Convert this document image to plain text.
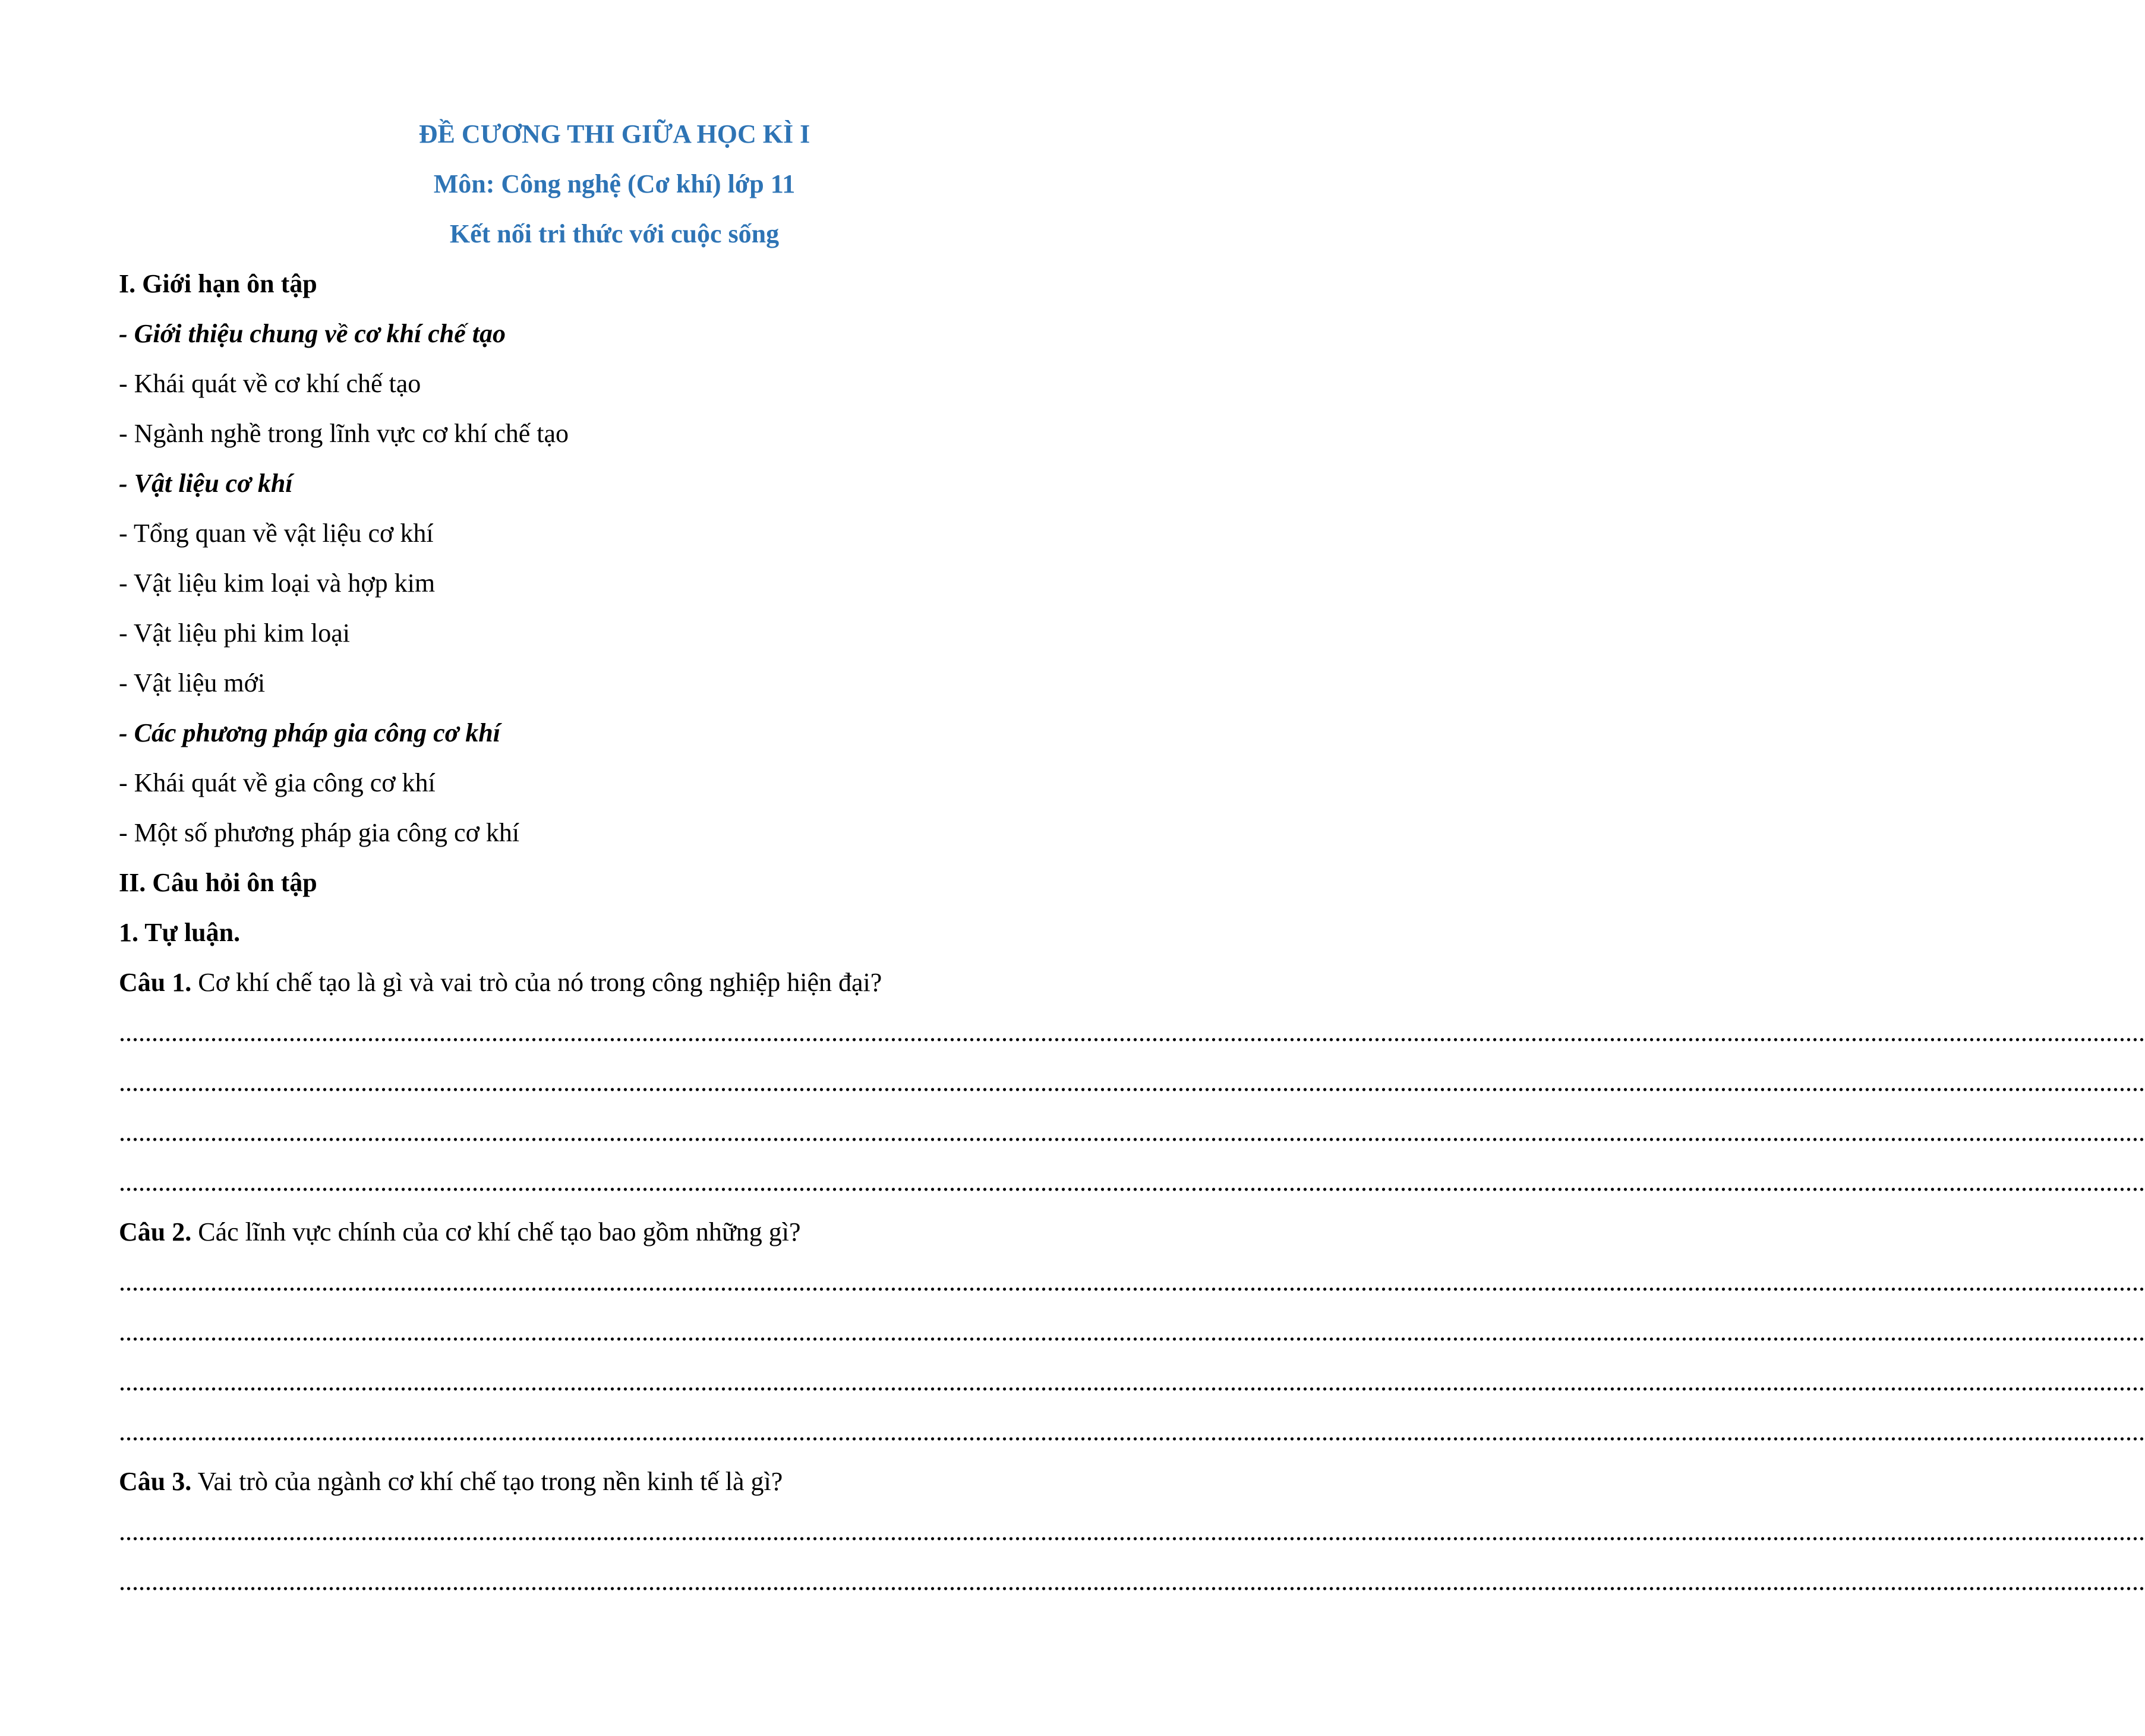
ĐỀ CƯƠNG THI GIỮA HỌC KÌ I
Môn: Công nghệ (Cơ khí) lớp 11
Kết nối tri thức với cuộc sống
I. Giới hạn ôn tập
- Giới thiệu chung về cơ khí chế tạo
- Khái quát về cơ khí chế tạo
- Ngành nghề trong lĩnh vực cơ khí chế tạo
- Vật liệu cơ khí
- Tổng quan về vật liệu cơ khí
- Vật liệu kim loại và hợp kim
- Vật liệu phi kim loại
- Vật liệu mới
- Các phương pháp gia công cơ khí
- Khái quát về gia công cơ khí
- Một số phương pháp gia công cơ khí
II. Câu hỏi ôn tập
1. Tự luận.
Câu 1. Cơ khí chế tạo là gì và vai trò của nó trong công nghiệp hiện đại?
......................................................................................................................................................................................................................................................................................................................
......................................................................................................................................................................................................................................................................................................................
......................................................................................................................................................................................................................................................................................................................
......................................................................................................................................................................................................................................................................................................................
Câu 2. Các lĩnh vực chính của cơ khí chế tạo bao gồm những gì?
......................................................................................................................................................................................................................................................................................................................
......................................................................................................................................................................................................................................................................................................................
......................................................................................................................................................................................................................................................................................................................
......................................................................................................................................................................................................................................................................................................................
Câu 3. Vai trò của ngành cơ khí chế tạo trong nền kinh tế là gì?
......................................................................................................................................................................................................................................................................................................................
......................................................................................................................................................................................................................................................................................................................
